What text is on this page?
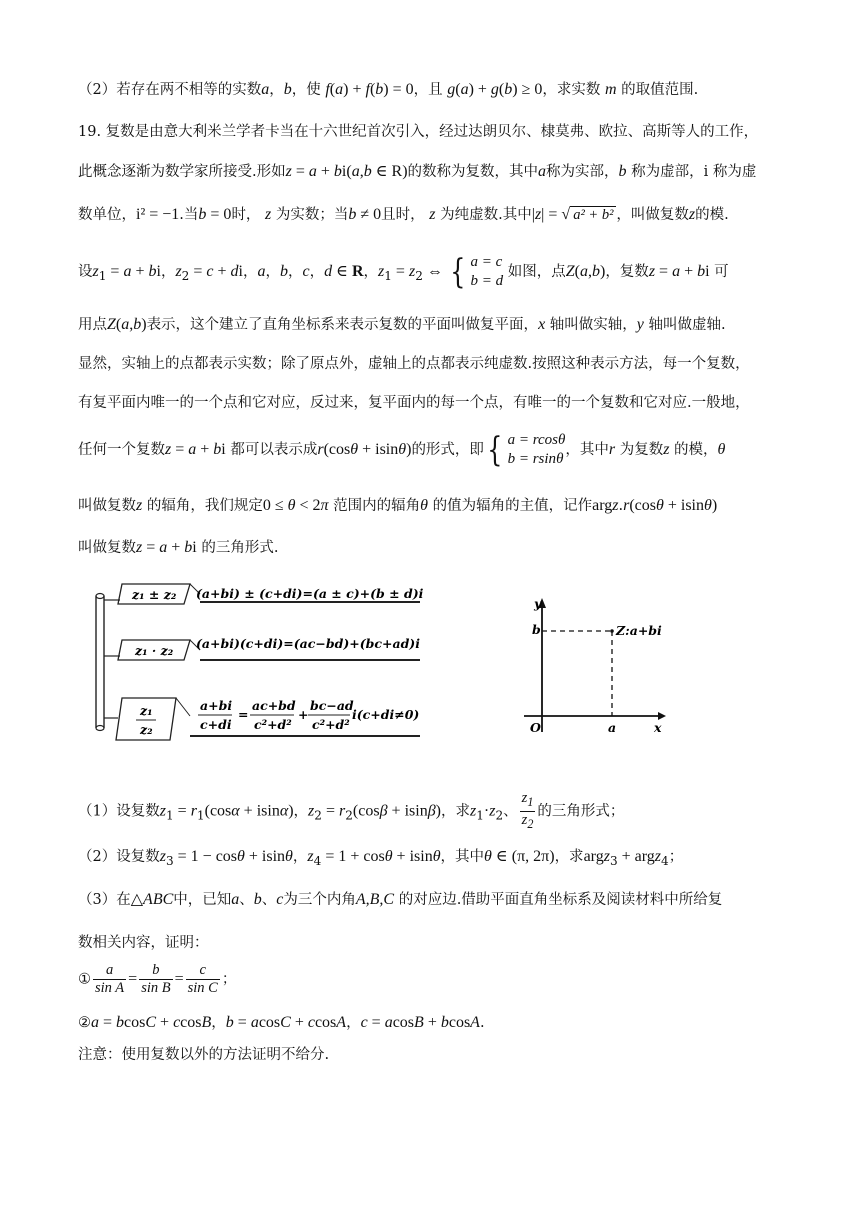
（2）若存在两不相等的实数a，b，使 f(a) + f(b) = 0，且 g(a) + g(b) ≥ 0，求实数 m 的取值范围.
19. 复数是由意大利米兰学者卡当在十六世纪首次引入，经过达朗贝尔、棣莫弗、欧拉、高斯等人的工作，
此概念逐渐为数学家所接受.形如z = a + bi(a,b ∈ R)的数称为复数，其中a称为实部，b 称为虚部，i 称为虚
数单位，i² = −1.当b = 0时， z 为实数；当b ≠ 0且时， z 为纯虚数.其中|z| = √ a² + b² ，叫做复数z的模.
设$z_1 = a$ + bi，$z_2 = c$ + di，a，b，c，d ∈ R，$z_1 = z_2$ ⇔ { a = c
b = d 如图，点Z(a,b)，复数z = a + bi 可
用点Z(a,b)表示，这个建立了直角坐标系来表示复数的平面叫做复平面，x 轴叫做实轴，y 轴叫做虚轴.
显然，实轴上的点都表示实数；除了原点外，虚轴上的点都表示纯虚数.按照这种表示方法，每一个复数，
有复平面内唯一的一个点和它对应，反过来，复平面内的每一个点，有唯一的一个复数和它对应.一般地，
任何一个复数z = a + bi 都可以表示成r(cosθ + isinθ)的形式，即{ a = rcosθ
b = rsinθ，其中r 为复数z 的模，θ
叫做复数z 的辐角，我们规定0 ≤ θ < 2π 范围内的辐角θ 的值为辐角的主值，记作argz.r(cosθ + isinθ)
叫做复数z = a + bi 的三角形式.
z₁ ± z₂ (a+bi) ± (c+di)=(a ± c)+(b ± d)i
z₁ · z₂ (a+bi)(c+di)=(ac−bd)+(bc+ad)i
z₁
z₂
a+bi
c+di
=
ac+bd
c²+d²
+
bc−ad
c²+d²
i(c+di≠0)
y
b	Z:a+bi
O	a	x
（1）设复数$z_1 = r_1(\cos\alpha + isin\alpha)$，$z_2 = r_2(\cos\beta + isin\beta)$，求$z_1\cdot z_2$、 $\frac{z_1}{z_2}$ 的三角形式；
（2）设复数$z_3 = 1 - \cos\theta + isin\theta$，$z_4 = 1 + \cos\theta + isin\theta$，其中θ ∈ (π, 2π)，求argz$_3$ + argz$_4$；
（3）在△ABC中，已知a、b、c为三个内角A,B,C 的对应边.借助平面直角坐标系及阅读材料中所给复
数相关内容，证明：
① $\frac{a}{\text{sin A}} = \frac{b}{\text{sin B}} = \frac{c}{\text{sin C}}$ ；
②a = bcosC + ccosB，b = acosC + ccosA，c = acosB + bcosA.
注意：使用复数以外的方法证明不给分.
